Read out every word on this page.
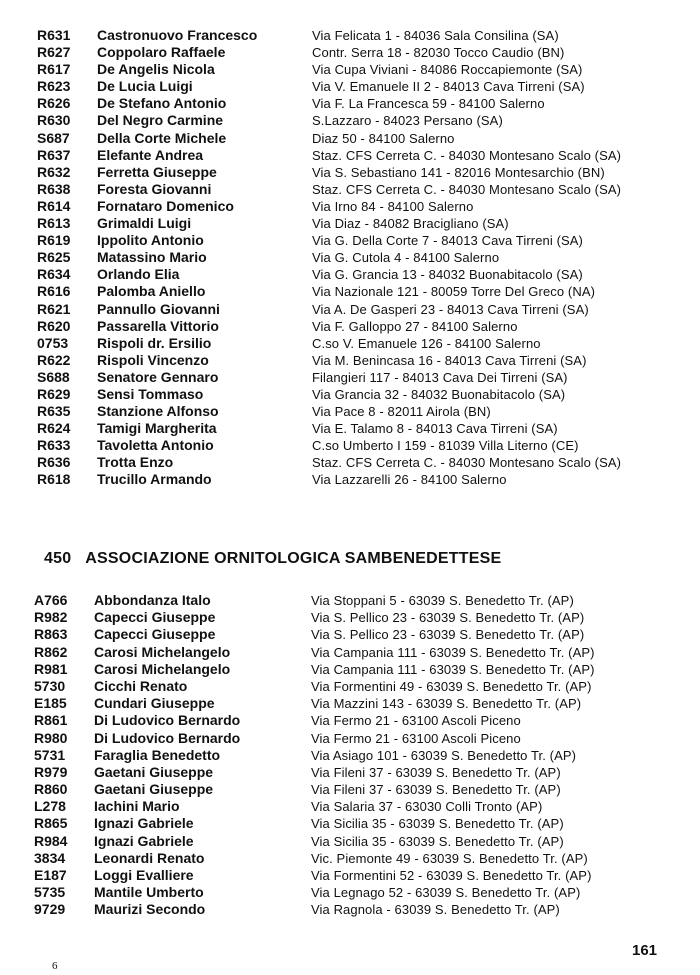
R631 Castronuovo Francesco	Via Felicata 1 - 84036 Sala Consilina (SA)
R627 Coppolaro Raffaele	Contr. Serra 18 - 82030 Tocco Caudio (BN)
R617 De Angelis Nicola	Via Cupa Viviani - 84086 Roccapiemonte (SA)
R623 De Lucia Luigi	Via V. Emanuele II 2 - 84013 Cava Tirreni (SA)
R626 De Stefano Antonio	Via F. La Francesca 59 - 84100 Salerno
R630 Del Negro Carmine	S.Lazzaro - 84023 Persano (SA)
S687 Della Corte Michele	Diaz 50 - 84100 Salerno
R637 Elefante Andrea	Staz. CFS Cerreta C. - 84030 Montesano Scalo (SA)
R632 Ferretta Giuseppe	Via S. Sebastiano 141 - 82016 Montesarchio (BN)
R638 Foresta Giovanni	Staz. CFS Cerreta C. - 84030 Montesano Scalo (SA)
R614 Fornataro Domenico	Via Irno 84 - 84100 Salerno
R613 Grimaldi Luigi	Via Diaz - 84082 Bracigliano (SA)
R619 Ippolito Antonio	Via G. Della Corte 7 - 84013 Cava Tirreni (SA)
R625 Matassino Mario	Via G. Cutola 4 - 84100 Salerno
R634 Orlando Elia	Via G. Grancia 13 - 84032 Buonabitacolo (SA)
R616 Palomba Aniello	Via Nazionale 121 - 80059 Torre Del Greco (NA)
R621 Pannullo Giovanni	Via A. De Gasperi 23 - 84013 Cava Tirreni (SA)
R620 Passarella Vittorio	Via F. Galloppo 27 - 84100 Salerno
0753 Rispoli dr. Ersilio	C.so V. Emanuele 126 - 84100 Salerno
R622 Rispoli Vincenzo	Via M. Benincasa 16 - 84013 Cava Tirreni (SA)
S688 Senatore Gennaro	Filangieri 117 - 84013 Cava Dei Tirreni (SA)
R629 Sensi Tommaso	Via Grancia 32 - 84032 Buonabitacolo (SA)
R635 Stanzione Alfonso	Via Pace 8 - 82011 Airola (BN)
R624 Tamigi Margherita	Via E. Talamo 8 - 84013 Cava Tirreni (SA)
R633 Tavoletta Antonio	C.so Umberto I 159 - 81039 Villa Literno (CE)
R636 Trotta Enzo	Staz. CFS Cerreta C. - 84030 Montesano Scalo (SA)
R618 Trucillo Armando	Via Lazzarelli 26 - 84100 Salerno
450 ASSOCIAZIONE ORNITOLOGICA SAMBENEDETTESE
A766 Abbondanza Italo	Via Stoppani 5 - 63039 S. Benedetto Tr. (AP)
R982 Capecci Giuseppe	Via S. Pellico 23 - 63039 S. Benedetto Tr. (AP)
R863 Capecci Giuseppe	Via S. Pellico 23 - 63039 S. Benedetto Tr. (AP)
R862 Carosi Michelangelo	Via Campania 111 - 63039 S. Benedetto Tr. (AP)
R981 Carosi Michelangelo	Via Campania 111 - 63039 S. Benedetto Tr. (AP)
5730 Cicchi Renato	Via Formentini 49 - 63039 S. Benedetto Tr. (AP)
E185 Cundari Giuseppe	Via Mazzini 143 - 63039 S. Benedetto Tr. (AP)
R861 Di Ludovico Bernardo	Via Fermo 21 - 63100 Ascoli Piceno
R980 Di Ludovico Bernardo	Via Fermo 21 - 63100 Ascoli Piceno
5731 Faraglia Benedetto	Via Asiago 101 - 63039 S. Benedetto Tr. (AP)
R979 Gaetani Giuseppe	Via Fileni 37 - 63039 S. Benedetto Tr. (AP)
R860 Gaetani Giuseppe	Via Fileni 37 - 63039 S. Benedetto Tr. (AP)
L278 Iachini Mario	Via Salaria 37 - 63030 Colli Tronto (AP)
R865 Ignazi Gabriele	Via Sicilia 35 - 63039 S. Benedetto Tr. (AP)
R984 Ignazi Gabriele	Via Sicilia 35 - 63039 S. Benedetto Tr. (AP)
3834 Leonardi Renato	Vic. Piemonte 49 - 63039 S. Benedetto Tr. (AP)
E187 Loggi Evalliere	Via Formentini 52 - 63039 S. Benedetto Tr. (AP)
5735 Mantile Umberto	Via Legnago 52 - 63039 S. Benedetto Tr. (AP)
9729 Maurizi Secondo	Via Ragnola - 63039 S. Benedetto Tr. (AP)
161
6
